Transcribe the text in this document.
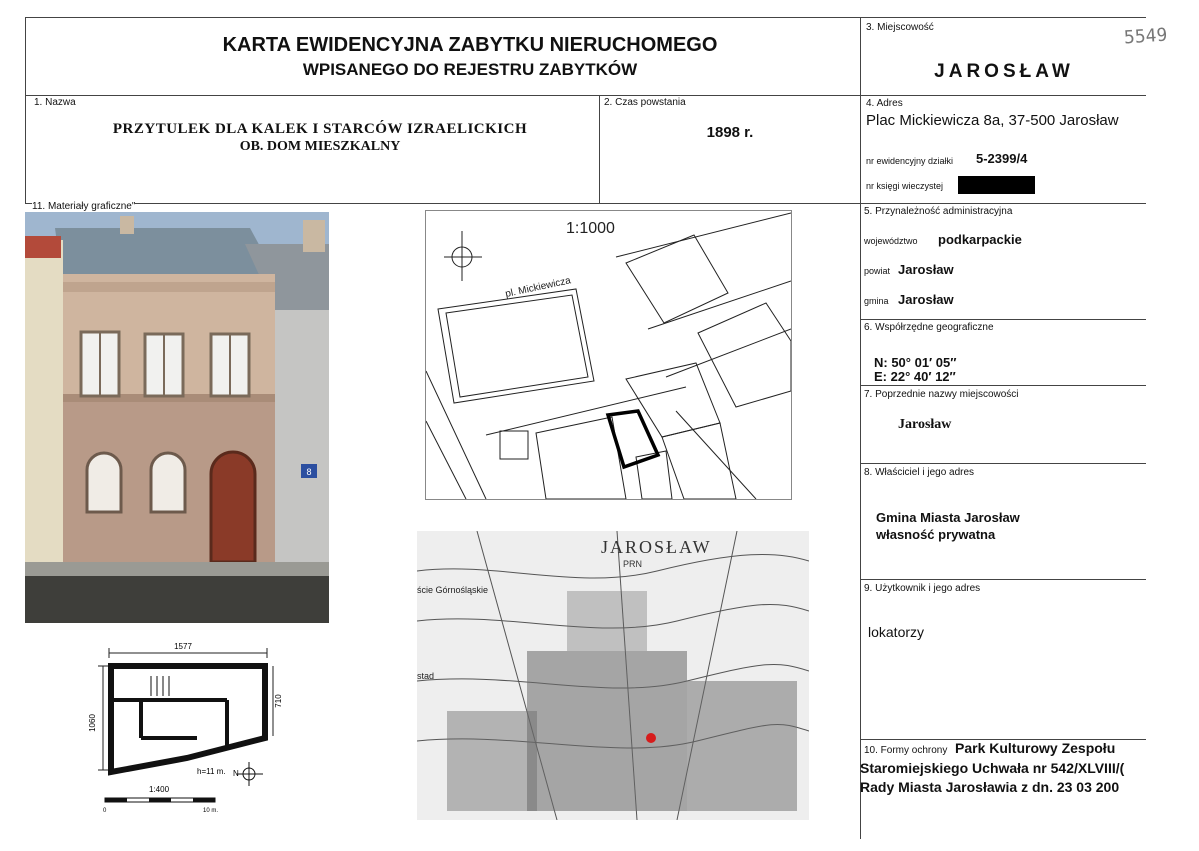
KARTA EWIDENCYJNA ZABYTKU NIERUCHOMEGO
WPISANEGO DO REJESTRU ZABYTKÓW
5549
3. Miejscowość
JAROSŁAW
1. Nazwa
PRZYTULEK DLA KALEK I STARCÓW IZRAELICKICH
OB. DOM MIESZKALNY
2. Czas powstania
1898 r.
4. Adres
Plac Mickiewicza 8a, 37-500 Jarosław
nr ewidencyjny działki 5-2399/4
nr księgi wieczystej
11. Materiały graficzne"	5. Przynależność administracyjna
województwo podkarpackie
powiat Jarosław
gmina Jarosław
6. Współrzędne geograficzne
N: 50° 01′ 05″
E: 22° 40′ 12″
7. Poprzednie nazwy miejscowości
Jarosław
8. Właściciel i jego adres
Gmina Miasta Jarosław
własność prywatna
9. Użytkownik i jego adres
lokatorzy
10. Formy ochrony Park Kulturowy Zespołu
Staromiejskiego Uchwała nr 542/XLVIII/(
Rady Miasta Jarosławia z dn. 23 03 200
8
1:1000
pl. Mickiewicza
JAROSŁAW
PRN
ście Górnośląskie
stad
1577
1060
710
h=11 m. N
1:400
0	10 m.
